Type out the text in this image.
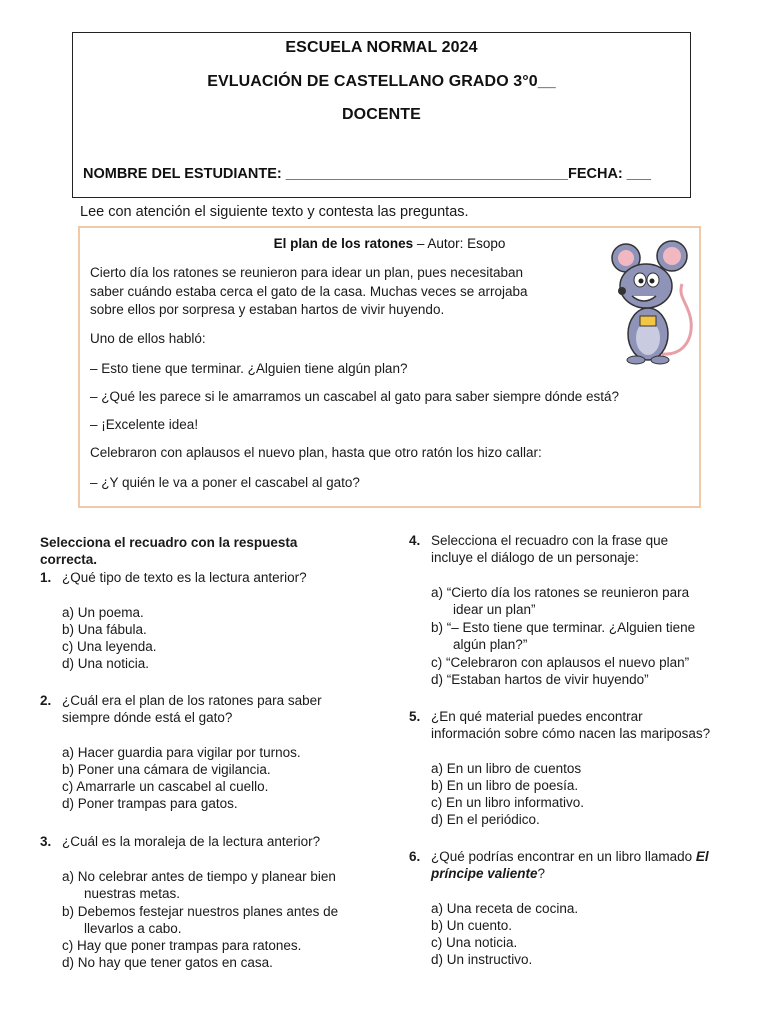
ESCUELA NORMAL 2024
EVLUACIÓN DE CASTELLANO GRADO 3°0__
DOCENTE
NOMBRE DEL ESTUDIANTE: ___________________________________FECHA: ___
Lee con atención el siguiente texto y contesta las preguntas.
El plan de los ratones – Autor: Esopo
Cierto día los ratones se reunieron para idear un plan, pues necesitaban
saber cuándo estaba cerca el gato de la casa. Muchas veces se arrojaba
sobre ellos por sorpresa y estaban hartos de vivir huyendo.
Uno de ellos habló:
– Esto tiene que terminar. ¿Alguien tiene algún plan?
– ¿Qué les parece si le amarramos un cascabel al gato para saber siempre dónde está?
– ¡Excelente idea!
Celebraron con aplausos el nuevo plan, hasta que otro ratón los hizo callar:
– ¿Y quién le va a poner el cascabel al gato?
Selecciona el recuadro con la respuesta
correcta.
1. ¿Qué tipo de texto es la lectura anterior?
a) Un poema.
b) Una fábula.
c) Una leyenda.
d) Una noticia.
2. ¿Cuál era el plan de los ratones para saber
siempre dónde está el gato?
a) Hacer guardia para vigilar por turnos.
b) Poner una cámara de vigilancia.
c) Amarrarle un cascabel al cuello.
d) Poner trampas para gatos.
3. ¿Cuál es la moraleja de la lectura anterior?
a) No celebrar antes de tiempo y planear bien
nuestras metas.
b) Debemos festejar nuestros planes antes de
llevarlos a cabo.
c) Hay que poner trampas para ratones.
d) No hay que tener gatos en casa.
4. Selecciona el recuadro con la frase que
incluye el diálogo de un personaje:
a) “Cierto día los ratones se reunieron para
idear un plan”
b) “– Esto tiene que terminar. ¿Alguien tiene
algún plan?”
c) “Celebraron con aplausos el nuevo plan”
d) “Estaban hartos de vivir huyendo”
5. ¿En qué material puedes encontrar
información sobre cómo nacen las mariposas?
a) En un libro de cuentos
b) En un libro de poesía.
c) En un libro informativo.
d) En el periódico.
6. ¿Qué podrías encontrar en un libro llamado El
príncipe valiente?
a) Una receta de cocina.
b) Un cuento.
c) Una noticia.
d) Un instructivo.
